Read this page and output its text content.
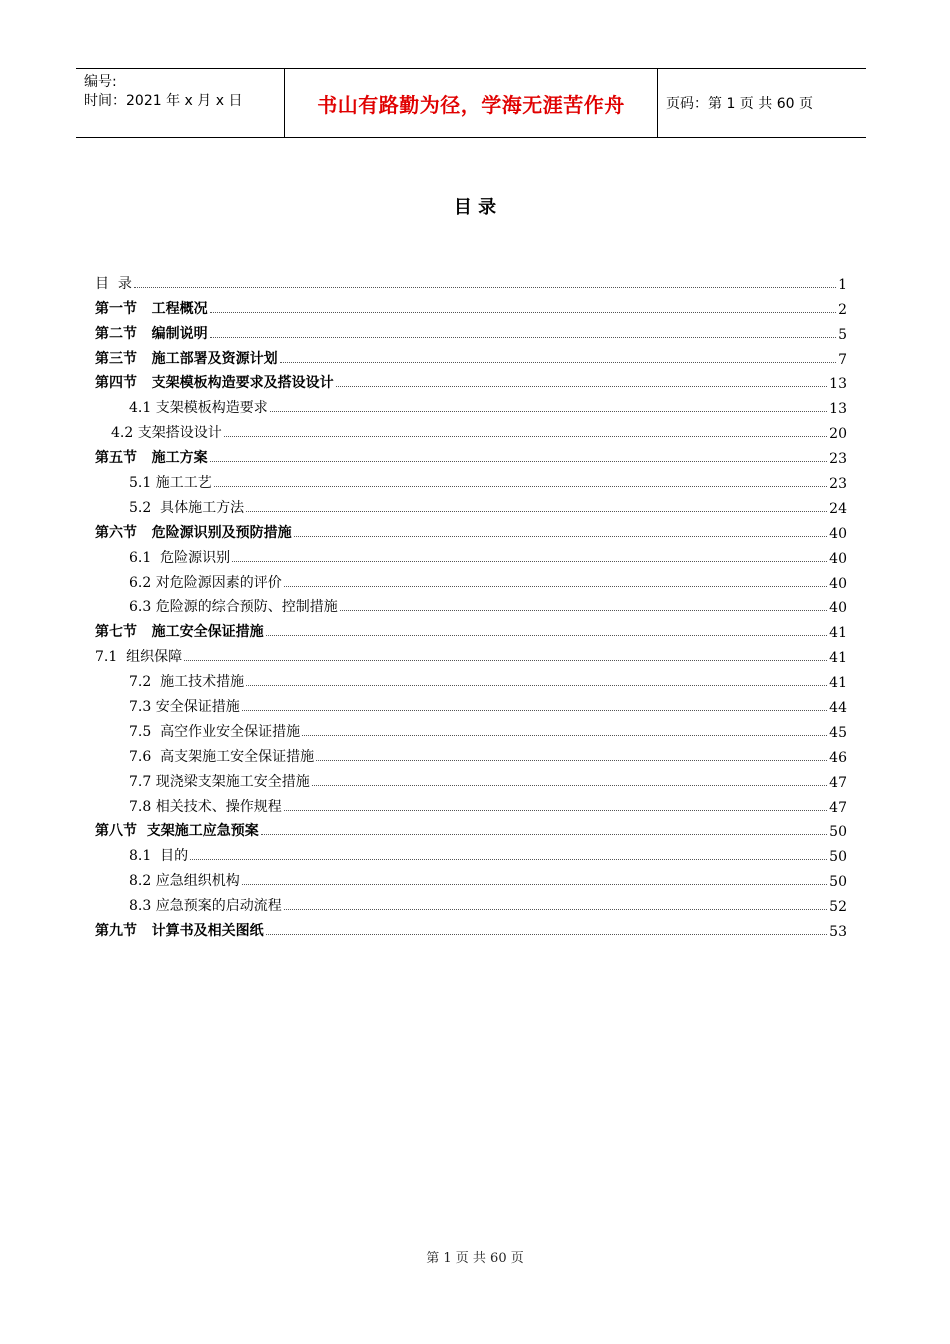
编号:
时间：2021 年 x 月 x 日	书山有路勤为径，学海无涯苦作舟	页码：第 1 页 共 60 页
目 录
目  录	1
第一节   工程概况	2
第二节   编制说明	5
第三节   施工部署及资源计划	7
第四节   支架模板构造要求及搭设设计	13
4.1 支架模板构造要求	13
4.2 支架搭设设计	20
第五节   施工方案	23
5.1 施工工艺	23
5.2  具体施工方法	24
第六节   危险源识别及预防措施	40
6.1  危险源识别	40
6.2 对危险源因素的评价	40
6.3 危险源的综合预防、控制措施	40
第七节   施工安全保证措施	41
7.1  组织保障	41
7.2  施工技术措施	41
7.3 安全保证措施	44
7.5  高空作业安全保证措施	45
7.6  高支架施工安全保证措施	46
7.7 现浇梁支架施工安全措施	47
7.8 相关技术、操作规程	47
第八节  支架施工应急预案	50
8.1  目的	50
8.2 应急组织机构	50
8.3 应急预案的启动流程	52
第九节   计算书及相关图纸	53
第 1 页 共 60 页
